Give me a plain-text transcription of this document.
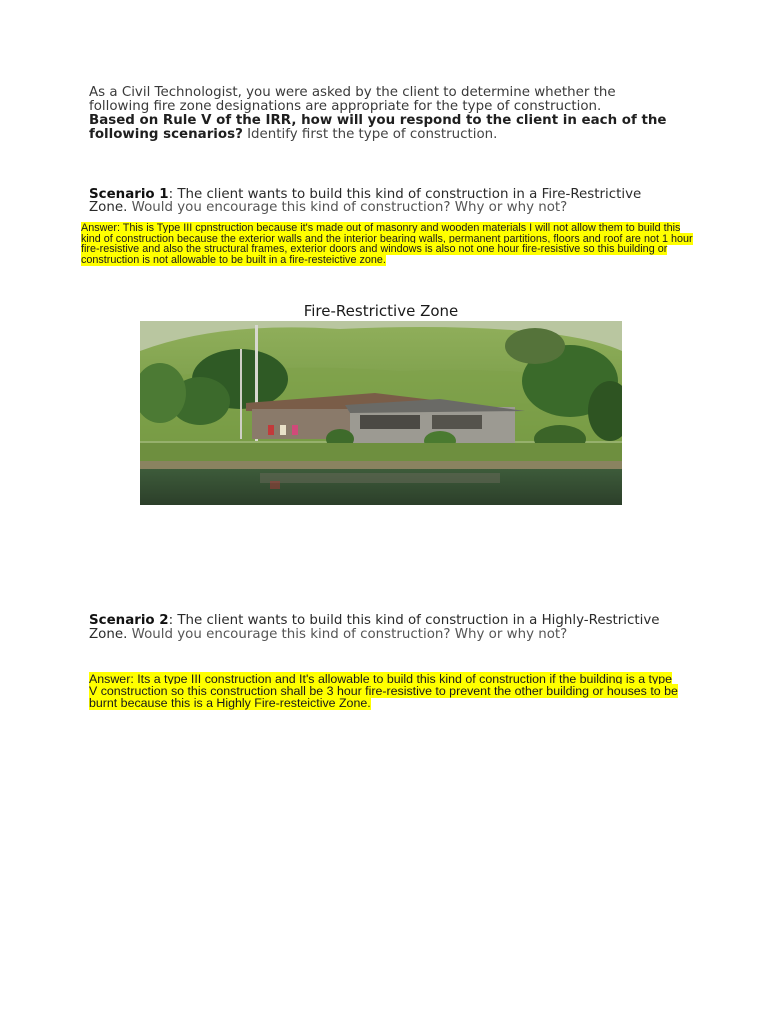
As a Civil Technologist, you were asked by the client to determine whether the following fire zone designations are appropriate for the type of construction.
Based on Rule V of the IRR, how will you respond to the client in each of the following scenarios? Identify first the type of construction.
Scenario 1: The client wants to build this kind of construction in a Fire-Restrictive Zone. Would you encourage this kind of construction? Why or why not?
Answer: This is Type III cpnstruction because it's made out of masonry and wooden materials I will not allow them to build this kind of construction because the exterior walls and the interior bearing walls, permanent partitions, floors and roof are not 1 hour fire-resistive and also the structural frames, exterior doors and windows is also not one hour fire-resistive so this building or construction is not allowable to be built in a fire-resteictive zone.
Fire-Restrictive Zone
Scenario 2: The client wants to build this kind of construction in a Highly-Restrictive Zone. Would you encourage this kind of construction? Why or why not?
Answer: Its a type III construction and It's allowable to build this kind of construction if the building is a type V construction so this construction shall be 3 hour fire-resistive to prevent the other building or houses to be burnt because this is a Highly Fire-resteictive Zone.
